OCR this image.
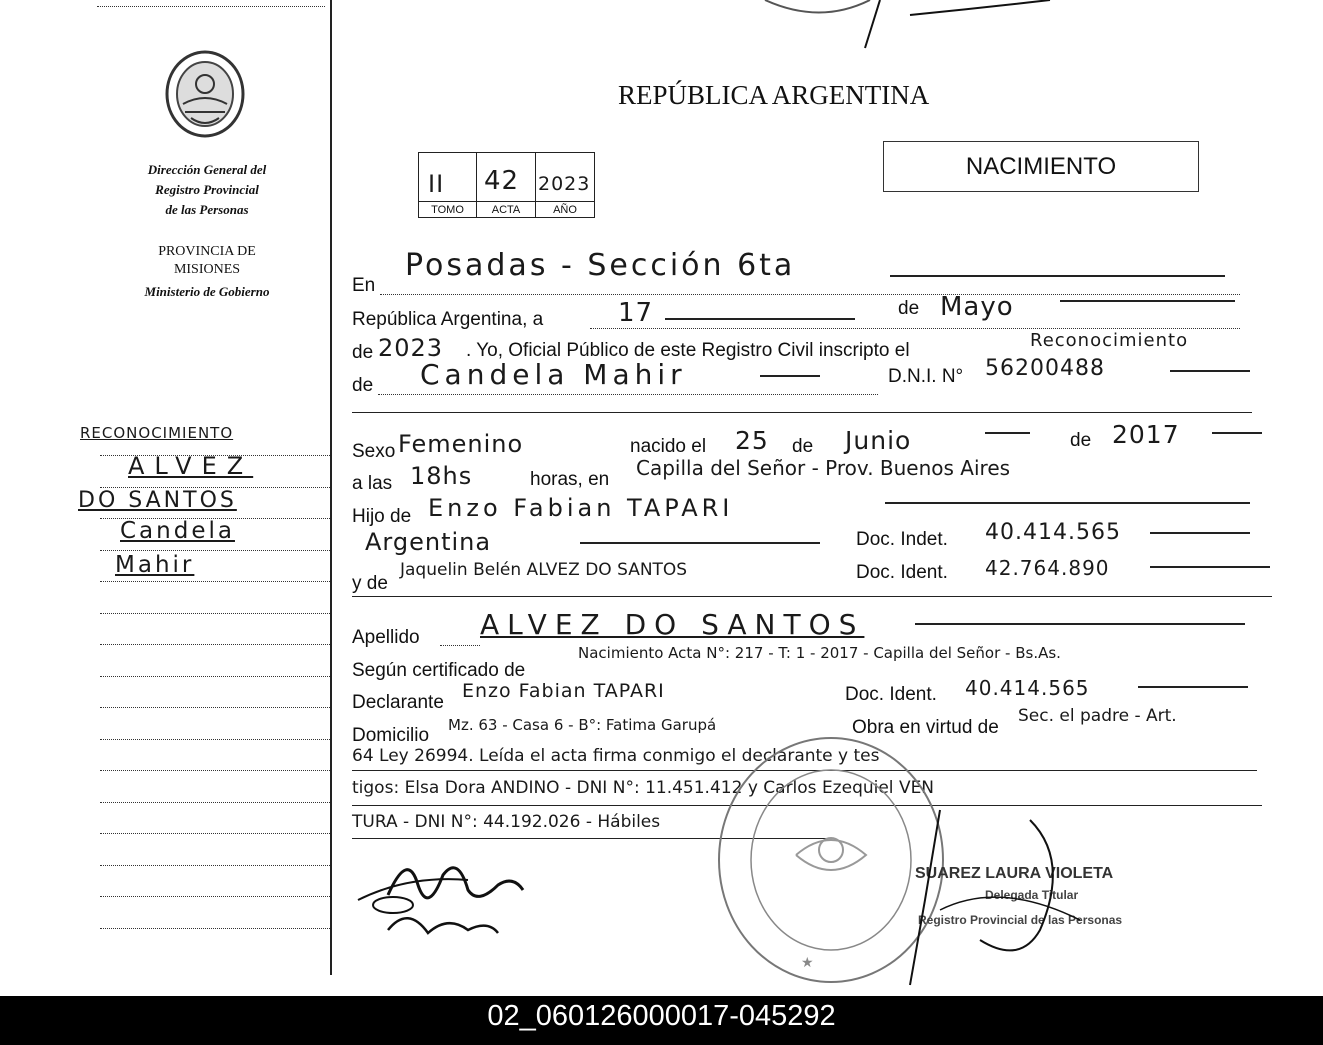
Dirección General del
Registro Provincial
de las Personas
PROVINCIA DE
MISIONES
Ministerio de Gobierno
RECONOCIMIENTO
ALVEZ
DO SANTOS
Candela
Mahir
REPÚBLICA ARGENTINA
NACIMIENTO
II 42 2023
TOMO	ACTA	AÑO
En
Posadas - Sección 6ta
República Argentina, a	17	de Mayo
de 2023 . Yo, Oficial Público de este Registro Civil inscripto el	Reconocimiento
de Candela Mahir	D.N.I. N° 56200488
Sexo Femenino	nacido el 25 de Junio	de 2017
a las 18hs	horas, en Capilla del Señor - Prov. Buenos Aires
Hijo de Enzo Fabian TAPARI
Argentina	Doc. Indet. 40.414.565
y de
Jaquelin Belén ALVEZ DO SANTOS	Doc. Ident. 42.764.890
Apellido ALVEZ DO SANTOS
Según certificado de
Nacimiento Acta N°: 217 - T: 1 - 2017 - Capilla del Señor - Bs.As.
Declarante
Enzo Fabian TAPARI	Doc. Ident. 40.414.565
Domicilio Mz. 63 - Casa 6 - B°: Fatima Garupá	Obra en virtud de
Sec. el padre - Art.
64 Ley 26994. Leída el acta firma conmigo el declarante y tes
tigos: Elsa Dora ANDINO - DNI N°: 11.451.412 y Carlos Ezequiel VEN
TURA - DNI N°: 44.192.026 - Hábiles
★
SUAREZ LAURA VIOLETA
Delegada Titular
Registro Provincial de las Personas
02_060126000017-045292
